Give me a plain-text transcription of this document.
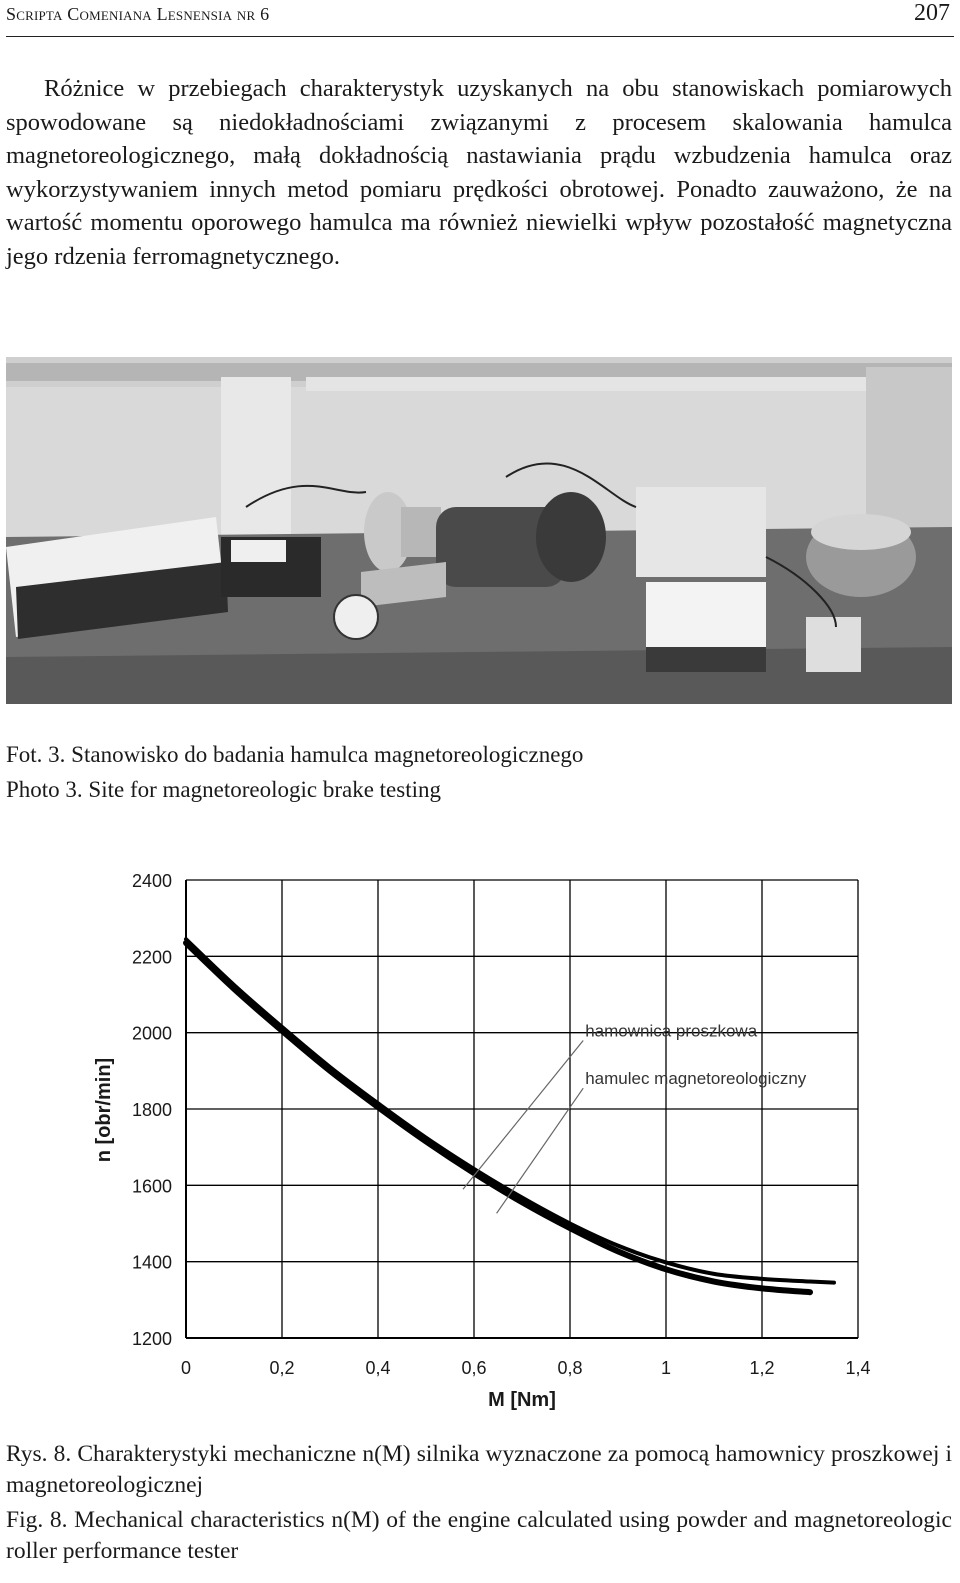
Scripta Comeniana Lesnensia nr 6	207

Różnice w przebiegach charakterystyk uzyskanych na obu stanowiskach pomiarowych spowodowane są niedokładnościami związanymi z procesem skalowania hamulca magnetoreologicznego, małą dokładnością nastawiania prądu wzbudzenia hamulca oraz wykorzystywaniem innych metod pomiaru prędkości obrotowej. Ponadto zauważono, że na wartość momentu oporowego hamulca ma również niewielki wpływ pozostałość magnetyczna jego rdzenia ferromagnetycznego.

Fot. 3. Stanowisko do badania hamulca magnetoreologicznego
Photo 3. Site for magnetoreologic brake testing
0	0,2	0,4	0,6	0,8	1	1,2	1,4
1200
1400
1600
1800
2000
2200
2400
hamownica proszkowa
hamulec magnetoreologiczny
M [Nm]
n [obr/min]
Rys. 8. Charakterystyki mechaniczne n(M) silnika wyznaczone za pomocą hamownicy proszkowej i magnetoreologicznej
Fig. 8. Mechanical characteristics n(M) of the engine calculated using powder and magnetoreologic roller performance tester
